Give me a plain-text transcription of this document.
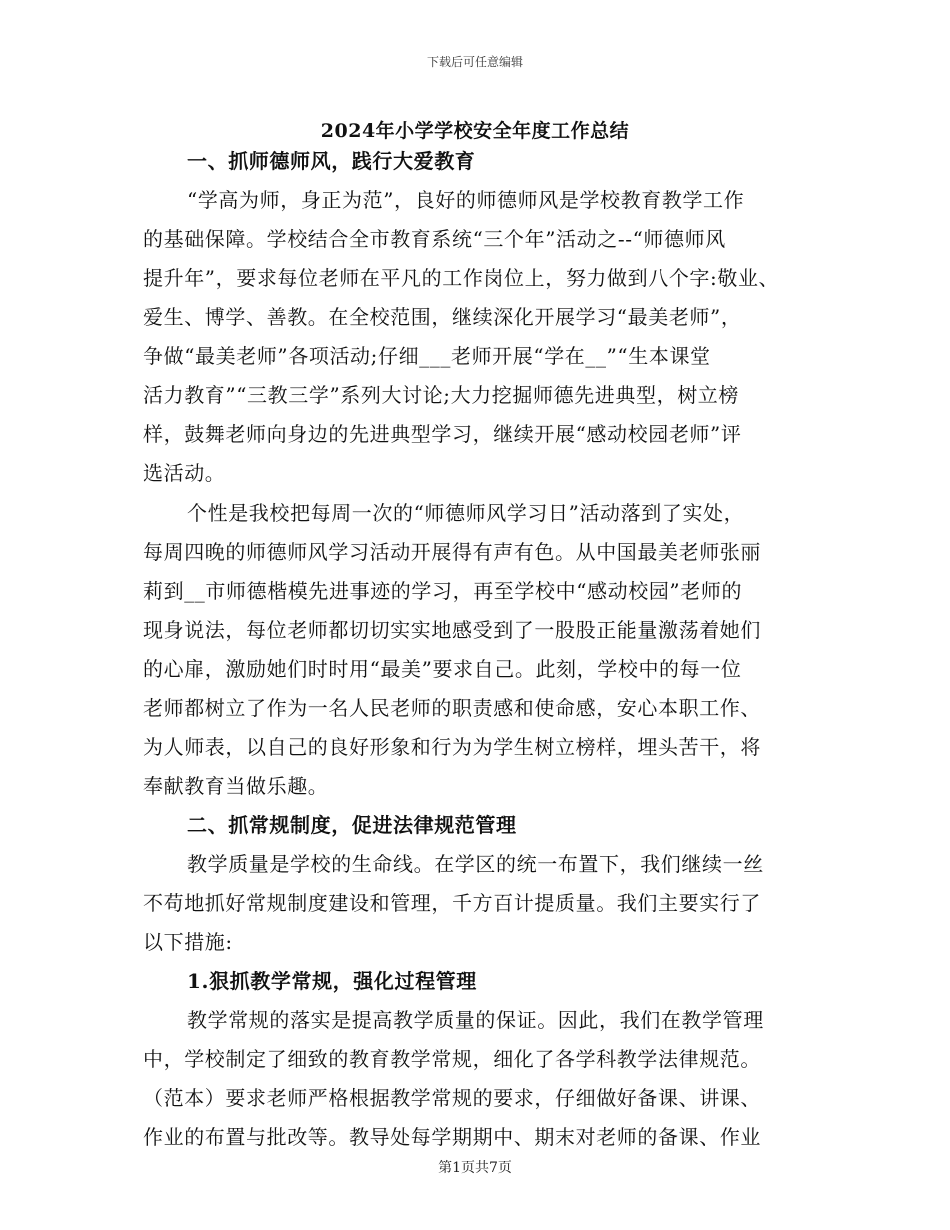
下载后可任意编辑
2024年小学学校安全年度工作总结
一、抓师德师风，践行大爱教育
“学高为师，身正为范”，良好的师德师风是学校教育教学工作
的基础保障。学校结合全市教育系统“三个年”活动之--“师德师风
提升年”，要求每位老师在平凡的工作岗位上，努力做到八个字:敬业、
爱生、博学、善教。在全校范围，继续深化开展学习“最美老师”，
争做“最美老师”各项活动;仔细___老师开展“学在__”“生本课堂
活力教育”“三教三学”系列大讨论;大力挖掘师德先进典型，树立榜
样，鼓舞老师向身边的先进典型学习，继续开展“感动校园老师”评
选活动。
个性是我校把每周一次的“师德师风学习日”活动落到了实处，
每周四晚的师德师风学习活动开展得有声有色。从中国最美老师张丽
莉到__市师德楷模先进事迹的学习，再至学校中“感动校园”老师的
现身说法，每位老师都切切实实地感受到了一股股正能量激荡着她们
的心扉，激励她们时时用“最美”要求自己。此刻，学校中的每一位
老师都树立了作为一名人民老师的职责感和使命感，安心本职工作、
为人师表，以自己的良好形象和行为为学生树立榜样，埋头苦干，将
奉献教育当做乐趣。
二、抓常规制度，促进法律规范管理
教学质量是学校的生命线。在学区的统一布置下，我们继续一丝
不苟地抓好常规制度建设和管理，千方百计提质量。我们主要实行了
以下措施:
1.狠抓教学常规，强化过程管理
教学常规的落实是提高教学质量的保证。因此，我们在教学管理
中，学校制定了细致的教育教学常规，细化了各学科教学法律规范。
（范本）要求老师严格根据教学常规的要求，仔细做好备课、讲课、
作业的布置与批改等。教导处每学期期中、期末对老师的备课、作业
第1页共7页
